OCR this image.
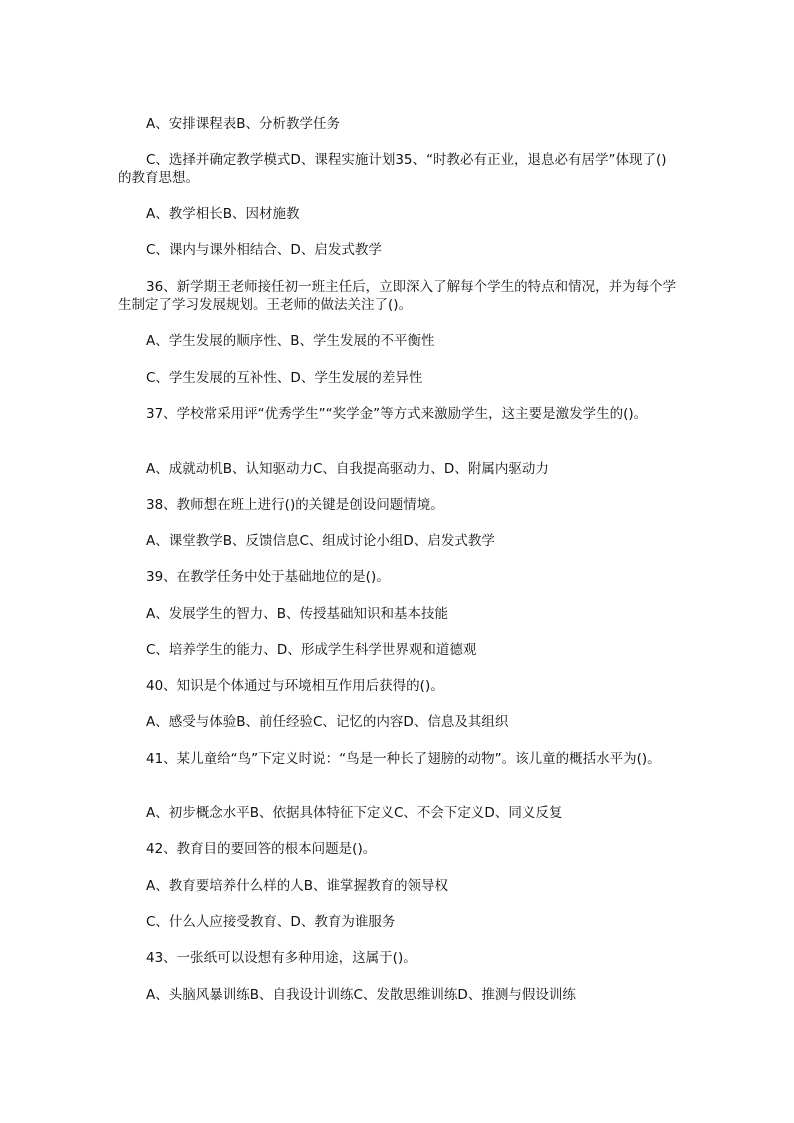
A、安排课程表B、分析教学任务

C、选择并确定教学模式D、课程实施计划35、“时教必有正业，退息必有居学”体现了()的教育思想。

A、教学相长B、因材施教

C、课内与课外相结合、D、启发式教学

36、新学期王老师接任初一班主任后，立即深入了解每个学生的特点和情况，并为每个学生制定了学习发展规划。王老师的做法关注了()。

A、学生发展的顺序性、B、学生发展的不平衡性

C、学生发展的互补性、D、学生发展的差异性

37、学校常采用评“优秀学生”“奖学金”等方式来激励学生，这主要是激发学生的()。

A、成就动机B、认知驱动力C、自我提高驱动力、D、附属内驱动力

38、教师想在班上进行()的关键是创设问题情境。

A、课堂教学B、反馈信息C、组成讨论小组D、启发式教学

39、在教学任务中处于基础地位的是()。

A、发展学生的智力、B、传授基础知识和基本技能

C、培养学生的能力、D、形成学生科学世界观和道德观

40、知识是个体通过与环境相互作用后获得的()。

A、感受与体验B、前任经验C、记忆的内容D、信息及其组织

41、某儿童给“鸟”下定义时说：“鸟是一种长了翅膀的动物”。该儿童的概括水平为()。

A、初步概念水平B、依据具体特征下定义C、不会下定义D、同义反复

42、教育目的要回答的根本问题是()。

A、教育要培养什么样的人B、谁掌握教育的领导权

C、什么人应接受教育、D、教育为谁服务

43、一张纸可以设想有多种用途，这属于()。

A、头脑风暴训练B、自我设计训练C、发散思维训练D、推测与假设训练
